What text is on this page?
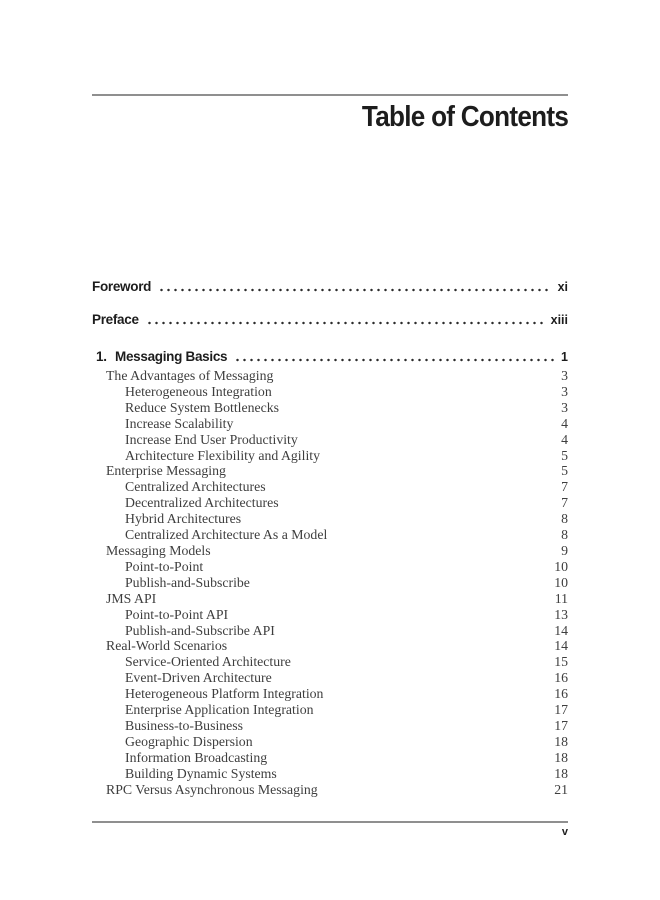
Table of Contents
Foreword	xi
Preface	xiii
1. Messaging Basics	1
The Advantages of Messaging	3
Heterogeneous Integration	3
Reduce System Bottlenecks	3
Increase Scalability	4
Increase End User Productivity	4
Architecture Flexibility and Agility	5
Enterprise Messaging	5
Centralized Architectures	7
Decentralized Architectures	7
Hybrid Architectures	8
Centralized Architecture As a Model	8
Messaging Models	9
Point-to-Point	10
Publish-and-Subscribe	10
JMS API	11
Point-to-Point API	13
Publish-and-Subscribe API	14
Real-World Scenarios	14
Service-Oriented Architecture	15
Event-Driven Architecture	16
Heterogeneous Platform Integration	16
Enterprise Application Integration	17
Business-to-Business	17
Geographic Dispersion	18
Information Broadcasting	18
Building Dynamic Systems	18
RPC Versus Asynchronous Messaging	21
v
